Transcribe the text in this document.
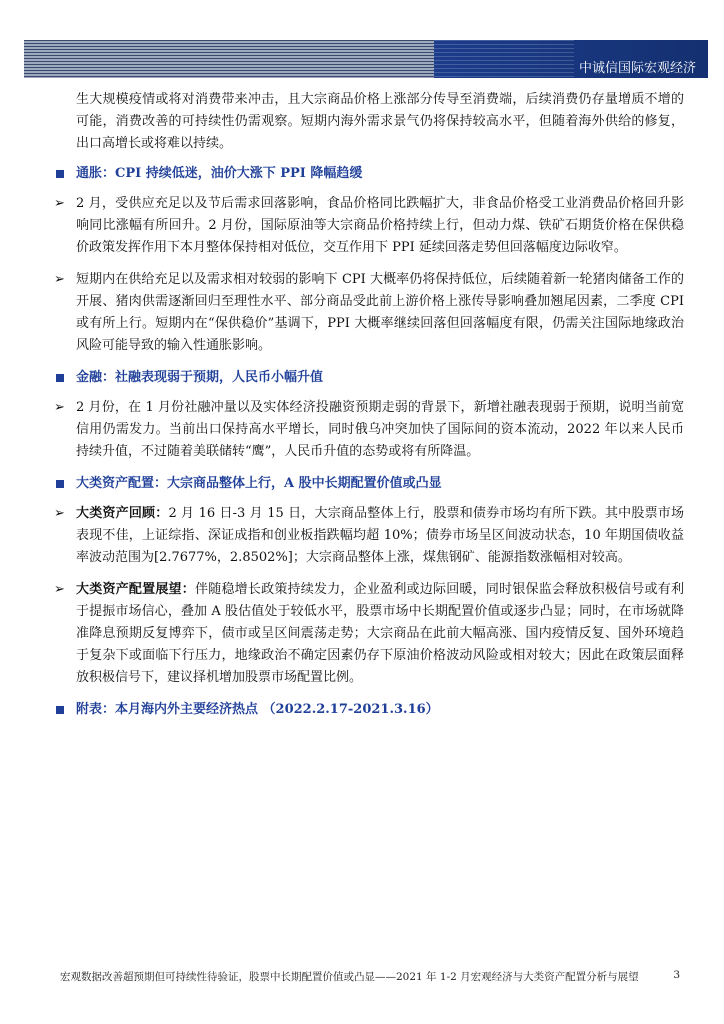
中诚信国际宏观经济

生大规模疫情或将对消费带来冲击，且大宗商品价格上涨部分传导至消费端，后续消费仍存量增质不增的可能，消费改善的可持续性仍需观察。短期内海外需求景气仍将保持较高水平，但随着海外供给的修复，出口高增长或将难以持续。

通胀：CPI 持续低迷，油价大涨下 PPI 降幅趋缓
➢ 2 月，受供应充足以及节后需求回落影响，食品价格同比跌幅扩大，非食品价格受工业消费品价格回升影响同比涨幅有所回升。2 月份，国际原油等大宗商品价格持续上行，但动力煤、铁矿石期货价格在保供稳价政策发挥作用下本月整体保持相对低位，交互作用下 PPI 延续回落走势但回落幅度边际收窄。
➢ 短期内在供给充足以及需求相对较弱的影响下 CPI 大概率仍将保持低位，后续随着新一轮猪肉储备工作的开展、猪肉供需逐渐回归至理性水平、部分商品受此前上游价格上涨传导影响叠加翘尾因素，二季度 CPI 或有所上行。短期内在“保供稳价”基调下，PPI 大概率继续回落但回落幅度有限，仍需关注国际地缘政治风险可能导致的输入性通胀影响。
金融：社融表现弱于预期，人民币小幅升值
➢ 2 月份，在 1 月份社融冲量以及实体经济投融资预期走弱的背景下，新增社融表现弱于预期，说明当前宽信用仍需发力。当前出口保持高水平增长，同时俄乌冲突加快了国际间的资本流动，2022 年以来人民币持续升值，不过随着美联储转“鹰”，人民币升值的态势或将有所降温。
大类资产配置：大宗商品整体上行，A 股中长期配置价值或凸显
➢ 大类资产回顾：2 月 16 日-3 月 15 日，大宗商品整体上行，股票和债券市场均有所下跌。其中股票市场表现不佳，上证综指、深证成指和创业板指跌幅均超 10%；债券市场呈区间波动状态，10 年期国债收益率波动范围为[2.7677%，2.8502%]；大宗商品整体上涨，煤焦钢矿、能源指数涨幅相对较高。
➢ 大类资产配置展望：伴随稳增长政策持续发力，企业盈利或边际回暖，同时银保监会释放积极信号或有利于提振市场信心，叠加 A 股估值处于较低水平，股票市场中长期配置价值或逐步凸显；同时，在市场就降准降息预期反复博弈下，债市或呈区间震荡走势；大宗商品在此前大幅高涨、国内疫情反复、国外环境趋于复杂下或面临下行压力，地缘政治不确定因素仍存下原油价格波动风险或相对较大；因此在政策层面释放积极信号下，建议择机增加股票市场配置比例。
附表：本月海内外主要经济热点 （2022.2.17-2021.3.16）
宏观数据改善超预期但可持续性待验证，股票中长期配置价值或凸显——2021 年 1-2 月宏观经济与大类资产配置分析与展望	3
